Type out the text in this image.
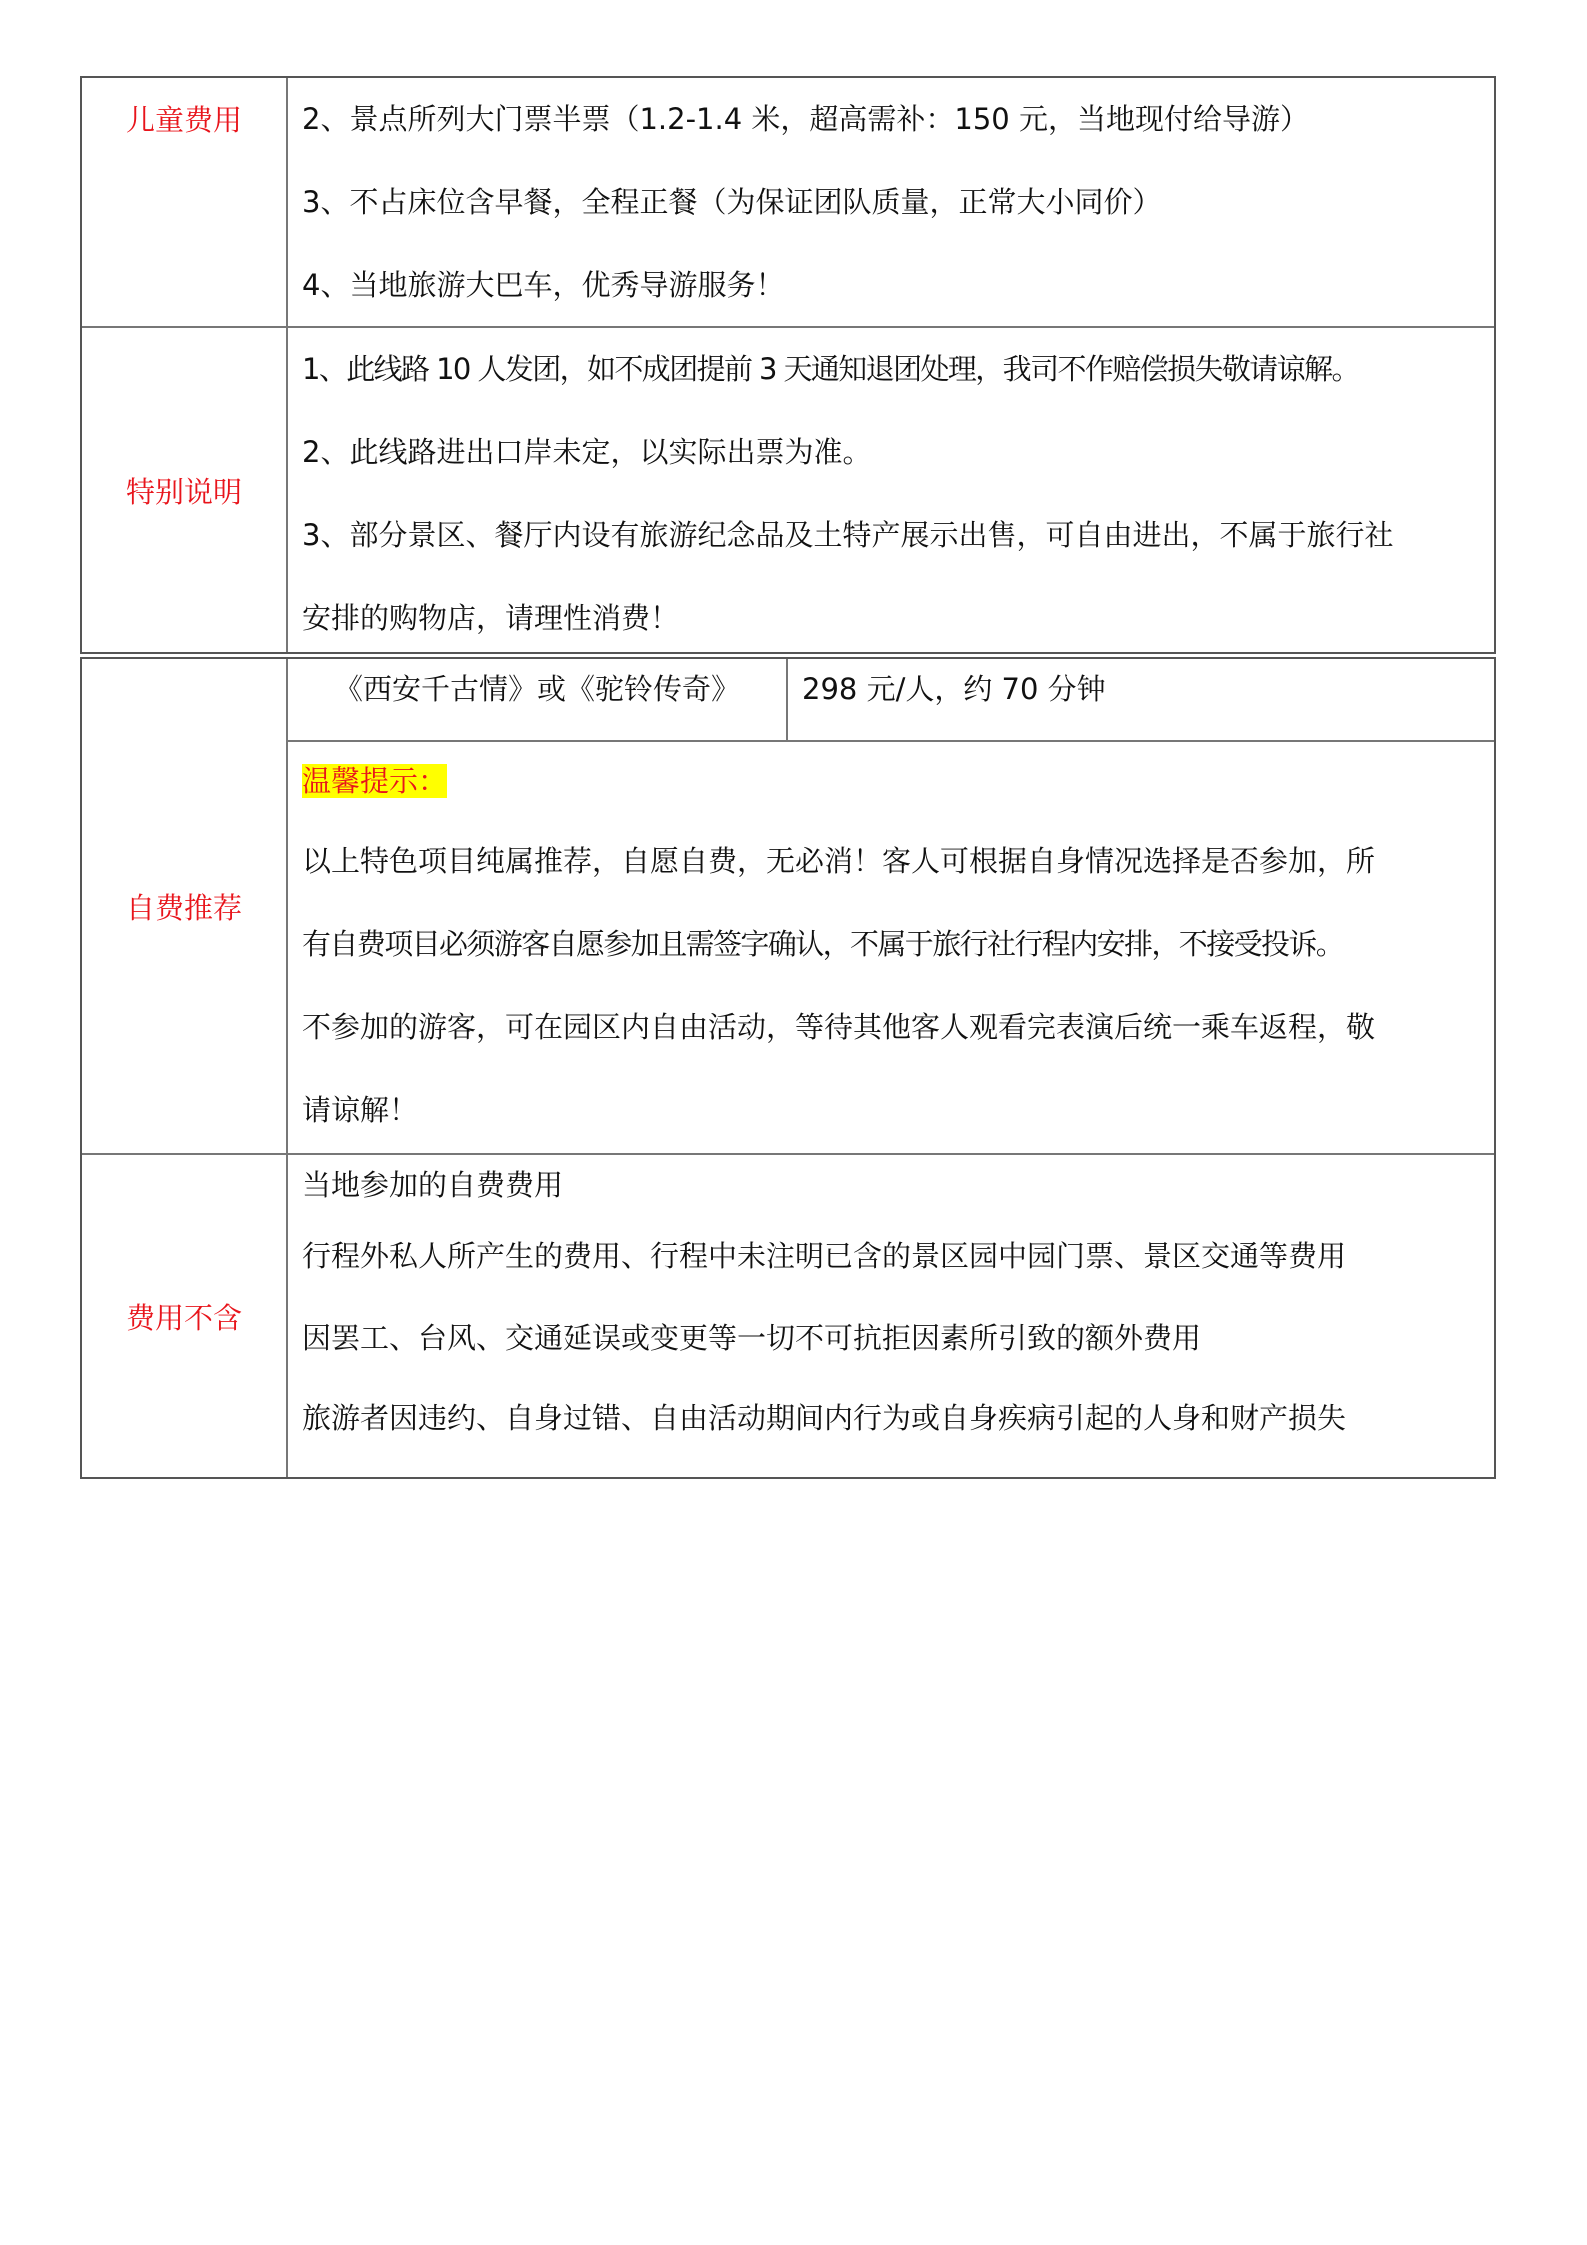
儿童费用	2、景点所列大门票半票（1.2-1.4 米，超高需补：150 元，当地现付给导游）
3、不占床位含早餐，全程正餐（为保证团队质量，正常大小同价）
4、当地旅游大巴车，优秀导游服务！
特别说明
1、此线路 10 人发团，如不成团提前 3 天通知退团处理，我司不作赔偿损失敬请谅解。
2、此线路进出口岸未定，以实际出票为准。
3、部分景区、餐厅内设有旅游纪念品及土特产展示出售，可自由进出，不属于旅行社
安排的购物店，请理性消费！
自费推荐
《西安千古情》或《驼铃传奇》	298 元/人，约 70 分钟
温馨提示：
以上特色项目纯属推荐，自愿自费，无必消！客人可根据自身情况选择是否参加，所
有自费项目必须游客自愿参加且需签字确认，不属于旅行社行程内安排，不接受投诉。
不参加的游客，可在园区内自由活动，等待其他客人观看完表演后统一乘车返程，敬
请谅解！
费用不含
当地参加的自费费用
行程外私人所产生的费用、行程中未注明已含的景区园中园门票、景区交通等费用
因罢工、台风、交通延误或变更等一切不可抗拒因素所引致的额外费用
旅游者因违约、自身过错、自由活动期间内行为或自身疾病引起的人身和财产损失
